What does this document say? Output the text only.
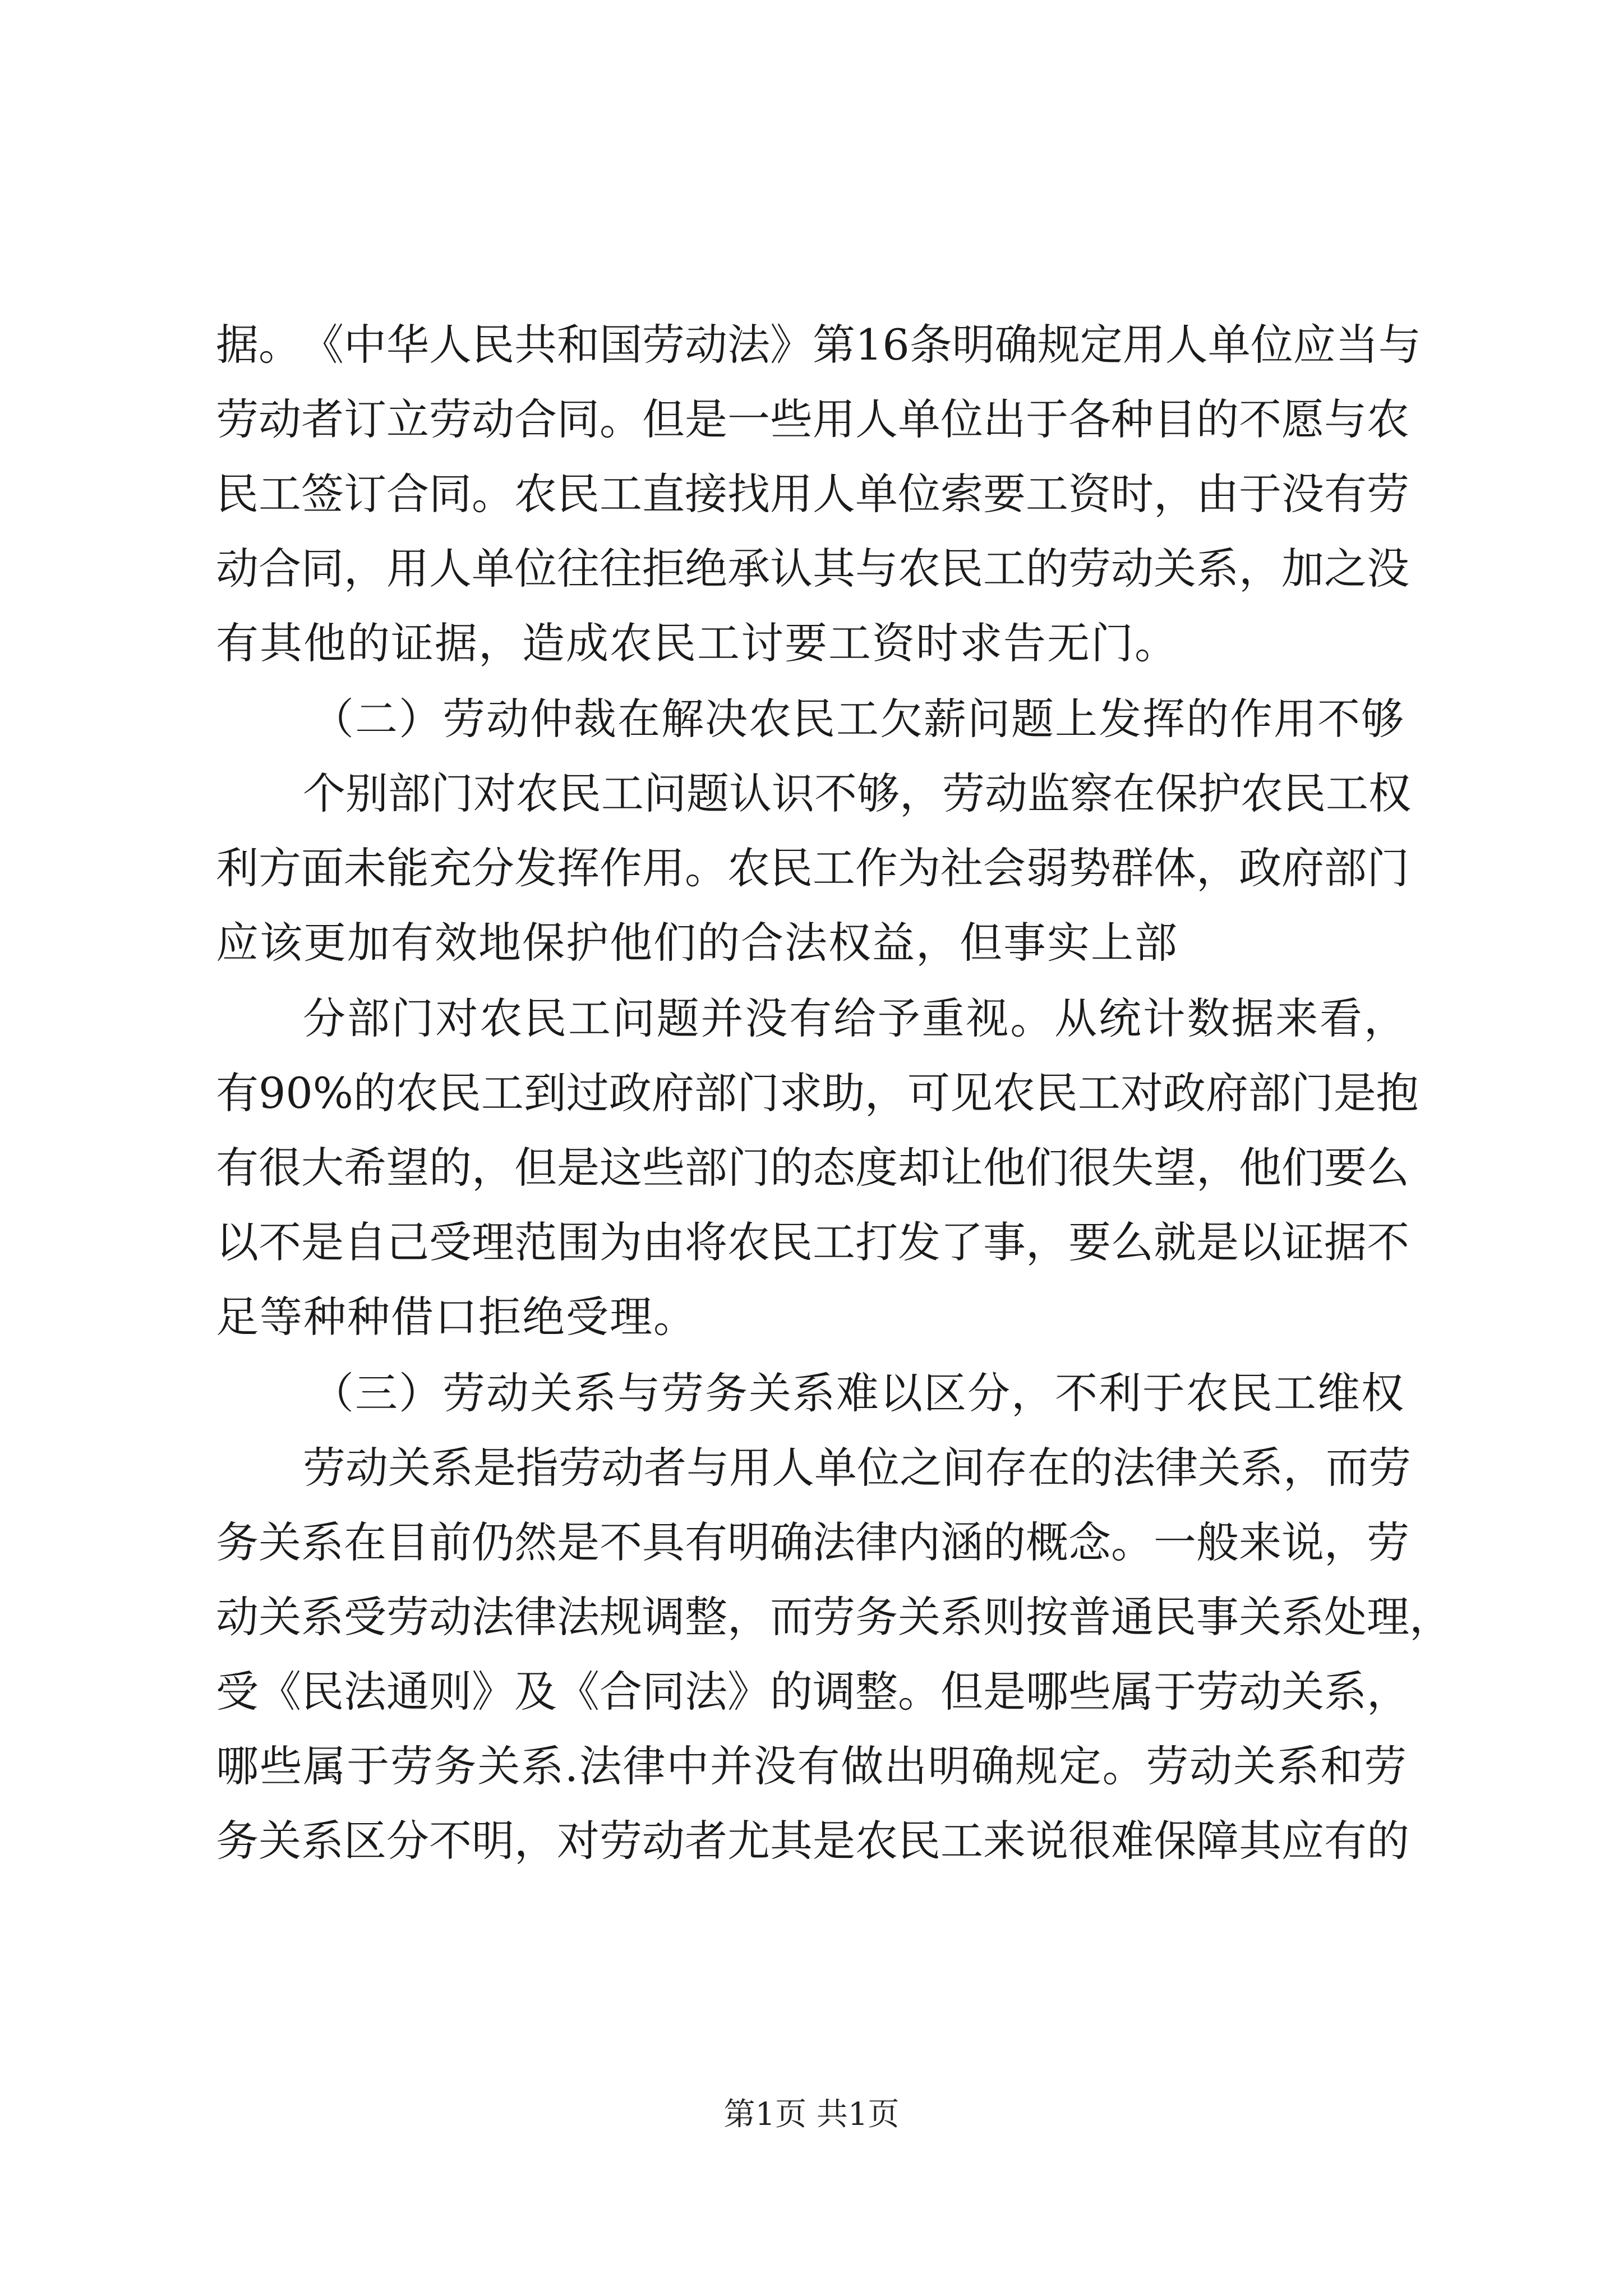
据 。 《 中 华 人 民 共 和 国 劳 动 法 》 第 16 条 明 确 规 定 用 人 单 位 应 当 与
劳 动 者 订 立 劳 动 合 同 。 但 是 一 些 用 人 单 位 出 于 各 种 目 的 不 愿 与 农
民 工 签 订 合 同 。 农 民 工 直 接 找 用 人 单 位 索 要 工 资 时 ， 由 于 没 有 劳
动 合 同 ， 用 人 单 位 往 往 拒 绝 承 认 其 与 农 民 工 的 劳 动 关 系 ， 加 之 没
有其他的证据，造成农民工讨要工资时求告无门。
（二）劳动仲裁在解决农民工欠薪问题上发挥的作用不够
个 别 部 门 对 农 民 工 问 题 认 识 不 够 ， 劳 动 监 察 在 保 护 农 民 工 权
利 方 面 未 能 充 分 发 挥 作 用 。 农 民 工 作 为 社 会 弱 势 群 体 ， 政 府 部 门
应该更加有效地保护他们的合法权益，但事实上部
分 部 门 对 农 民 工 问 题 并 没 有 给 予 重 视 。 从 统 计 数 据 来 看 ，
有 90% 的 农 民 工 到 过 政 府 部 门 求 助 ， 可 见 农 民 工 对 政 府 部 门 是 抱
有 很 大 希 望 的 ， 但 是 这 些 部 门 的 态 度 却 让 他 们 很 失 望 ， 他 们 要 么
以 不 是 自 己 受 理 范 围 为 由 将 农 民 工 打 发 了 事 ， 要 么 就 是 以 证 据 不
足等种种借口拒绝受理。
（三）劳动关系与劳务关系难以区分，不利于农民工维权
劳 动 关 系 是 指 劳 动 者 与 用 人 单 位 之 间 存 在 的 法 律 关 系 ， 而 劳
务 关 系 在 目 前 仍 然 是 不 具 有 明 确 法 律 内 涵 的 概 念 。 一 般 来 说 ， 劳
动 关 系 受 劳 动 法 律 法 规 调 整 ， 而 劳 务 关 系 则 按 普 通 民 事 关 系 处 理 ，
受 《 民 法 通 则 》 及 《 合 同 法 》 的 调 整 。 但 是 哪 些 属 于 劳 动 关 系 ，
哪 些 属 于 劳 务 关 系 . 法 律 中 并 没 有 做 出 明 确 规 定 。 劳 动 关 系 和 劳
务 关 系 区 分 不 明 ， 对 劳 动 者 尤 其 是 农 民 工 来 说 很 难 保 障 其 应 有 的
第1页 共1页
